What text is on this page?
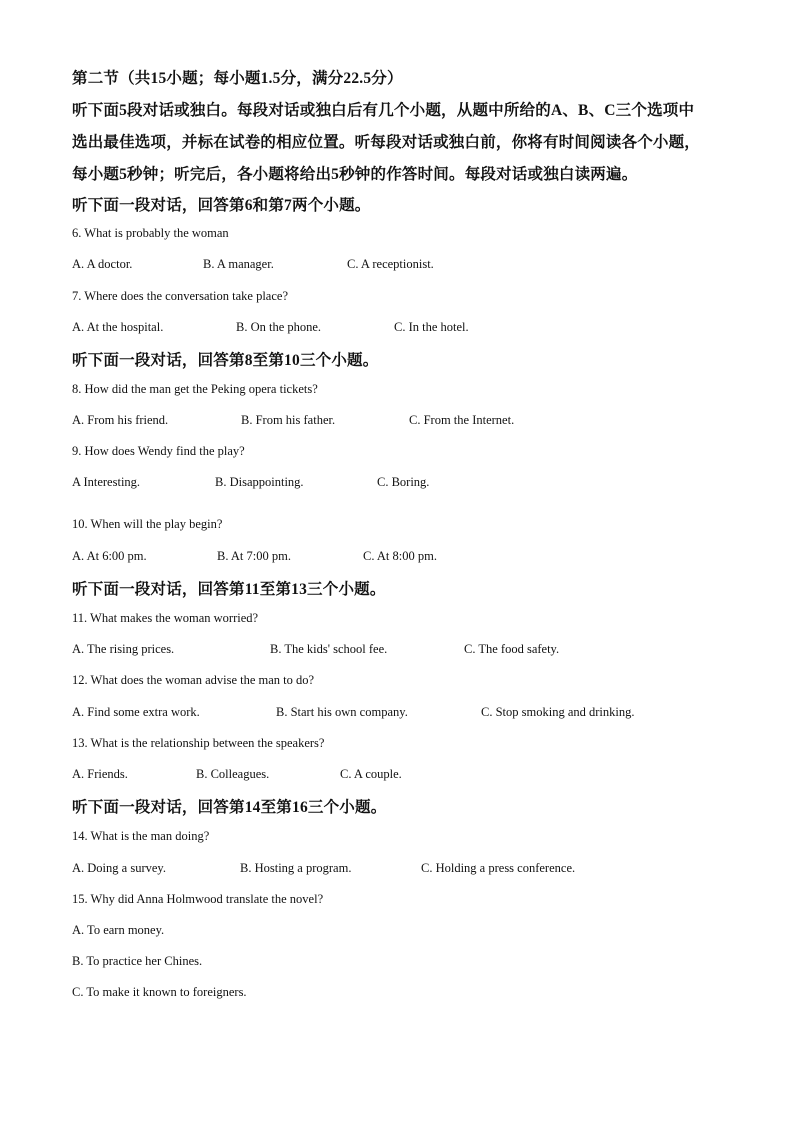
第二节（共15小题；每小题1.5分，满分22.5分）
听下面5段对话或独白。每段对话或独白后有几个小题，从题中所给的A、B、C三个选项中
选出最佳选项，并标在试卷的相应位置。听每段对话或独白前，你将有时间阅读各个小题，
每小题5秒钟；听完后，各小题将给出5秒钟的作答时间。每段对话或独白读两遍。
听下面一段对话，回答第6和第7两个小题。
6. What is probably the woman
A. A doctor.	B. A manager.	C. A receptionist.
7. Where does the conversation take place?
A. At the hospital.	B. On the phone.	C. In the hotel.
听下面一段对话，回答第8至第10三个小题。
8. How did the man get the Peking opera tickets?
A. From his friend.	B. From his father.	C. From the Internet.
9. How does Wendy find the play?
A Interesting.	B. Disappointing.	C. Boring.
10. When will the play begin?
A. At 6:00 pm.	B. At 7:00 pm.	C. At 8:00 pm.
听下面一段对话，回答第11至第13三个小题。
11. What makes the woman worried?
A. The rising prices.	B. The kids' school fee.	C. The food safety.
12. What does the woman advise the man to do?
A. Find some extra work.	B. Start his own company.	C. Stop smoking and drinking.
13. What is the relationship between the speakers?
A. Friends.	B. Colleagues.	C. A couple.
听下面一段对话，回答第14至第16三个小题。
14. What is the man doing?
A. Doing a survey.	B. Hosting a program.	C. Holding a press conference.
15. Why did Anna Holmwood translate the novel?
A. To earn money.
B. To practice her Chines.
C. To make it known to foreigners.
